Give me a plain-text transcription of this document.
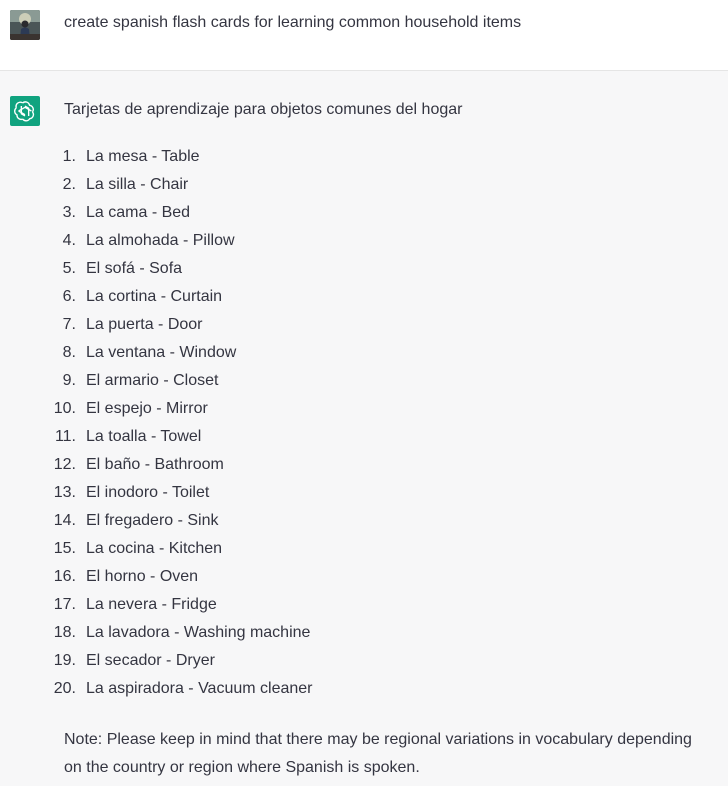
create spanish flash cards for learning common household items
Tarjetas de aprendizaje para objetos comunes del hogar
1. La mesa - Table
2. La silla - Chair
3. La cama - Bed
4. La almohada - Pillow
5. El sofá - Sofa
6. La cortina - Curtain
7. La puerta - Door
8. La ventana - Window
9. El armario - Closet
10. El espejo - Mirror
11. La toalla - Towel
12. El baño - Bathroom
13. El inodoro - Toilet
14. El fregadero - Sink
15. La cocina - Kitchen
16. El horno - Oven
17. La nevera - Fridge
18. La lavadora - Washing machine
19. El secador - Dryer
20. La aspiradora - Vacuum cleaner
Note: Please keep in mind that there may be regional variations in vocabulary depending on the country or region where Spanish is spoken.
